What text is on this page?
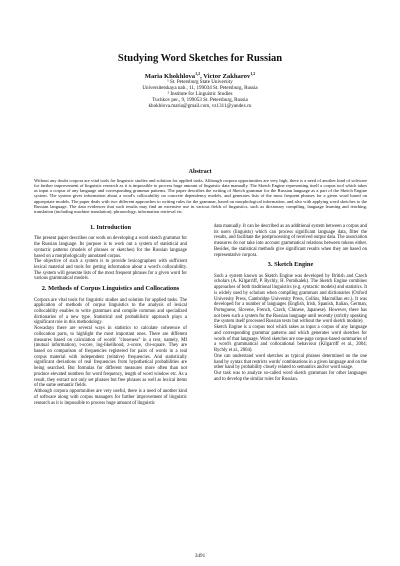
Studying Word Sketches for Russian
Maria Khokhlova$^{1,2}$, Victor Zakharov$^{1,2}$
¹ St. Petersburg State University
Universitetskaya nab., 11, 199034 St. Petersburg, Russia
² Institute for Linguistic Studies
Tuchkov per., 9, 199053 St. Petersburg, Russia
khokhlova.maria@gmail.com, vz1311@yandex.ru
Abstract
Without any doubt corpora are vital tools for linguistic studies and solution for applied tasks. Although corpora opportunities are very high, there is a need of another kind of software for further improvement of linguistic research as it is impossible to process huge amount of linguistic data manually. The Sketch Engine representing itself a corpus tool which takes as input a corpus of any language and corresponding grammar patterns. The paper describes the writing of Sketch grammar for the Russian language as a part of the Sketch Engine system. The system gives information about a word's collocability on concrete dependency models, and generates lists of the most frequent phrases for a given word based on appropriate models. The paper deals with two different approaches to writing rules for the grammar, based on morphological information, and also with applying word sketches to the Russian language. The data evidences that such results may find an extensive use in various fields of linguistics, such as dictionary compiling, language learning and teaching, translation (including machine translation), phraseology, information retrieval etc.
1. Introduction
The present paper describes our work on developing a word sketch grammar for the Russian language. Its purpose is to work out a system of statistical and syntactic patterns (models of phrases or sketches) for the Russian language based on a morphologically annotated corpus.
The objective of such a system is to provide lexicographers with sufficient lexical material and tools for getting information about a word's collocability. The system will generate lists of the most frequent phrases for a given word for various grammatical models.
2. Methods of Corpus Linguistics and Collocations
Corpora are vital tools for linguistic studies and solution for applied tasks. The application of methods of corpus linguistics to the analysis of lexical collocability enables to write grammars and compile common and specialized dictionaries of a new type. Statistical and probabilistic approach plays a significant role in this methodology.
Nowadays there are several ways in statistics to calculate coherence of collocation parts, to highlight the most important ones. There are different measures based on calculation of words' "closeness" in a text, namely, MI (mutual information), t-score, log-likelihood, z-score, chi-square. They are based on comparison of frequencies registered for pairs of words in a real corpus material with independent (relative) frequencies. And statistically significant deviations of real frequencies from hypothetical probabilities are being searched. But formulas for different measures more often than not produce elevated numbers for word frequency, length of word window etc. As a result, they extract not only set phrases but free phrases as well as lexical items of the same semantic fields.
Although corpora opportunities are very useful, there is a need of another kind of software along with corpus managers for further improvement of linguistic research as it is impossible to process huge amount of linguistic
data manually. It can be described as an additional system between a corpus and its users (linguists) which can process significant language data, filter the results, and facilitate the postprocessing of received output data. The association measures do not take into account grammatical relations between tokens either. Besides, the statistical methods give significant results when they are based on representative corpora.
3. Sketch Engine
Such a system known as Sketch Engine was developed by British and Czech scholars (A. Kilgarriff, P. Rychly, H. Pomikalek). The Sketch Engine combines approaches of both traditional linguistics (e.g. syntactic models) and statistics. It is widely used by scholars when compiling grammars and dictionaries (Oxford University Press, Cambridge University Press, Collins, Macmillan etc.). It was developed for a number of languages (English, Irish, Spanish, Italian, German, Portuguese, Slovene, French, Czech, Chinese, Japanese). However, there has not been such a system for the Russian language until recently (strictly speaking the system itself processed Russian texts but without the word sketch module).
Sketch Engine is a corpus tool which takes as input a corpus of any language and corresponding grammar patterns and which generates word sketches for words of that language. Word sketches are one-page corpus-based summaries of a word's grammatical and collocational behaviour (Kilgarriff et al., 2004; Rychly et al., 2004).
One can understand word sketches as typical phrases determined on the one hand by syntax that restricts words' combinations in a given language and on the other hand by probability closely related to semantics and/or word usage.
Our task was to analyze so-called word sketch grammars for other languages and to develop the similar rules for Russian.
3491
